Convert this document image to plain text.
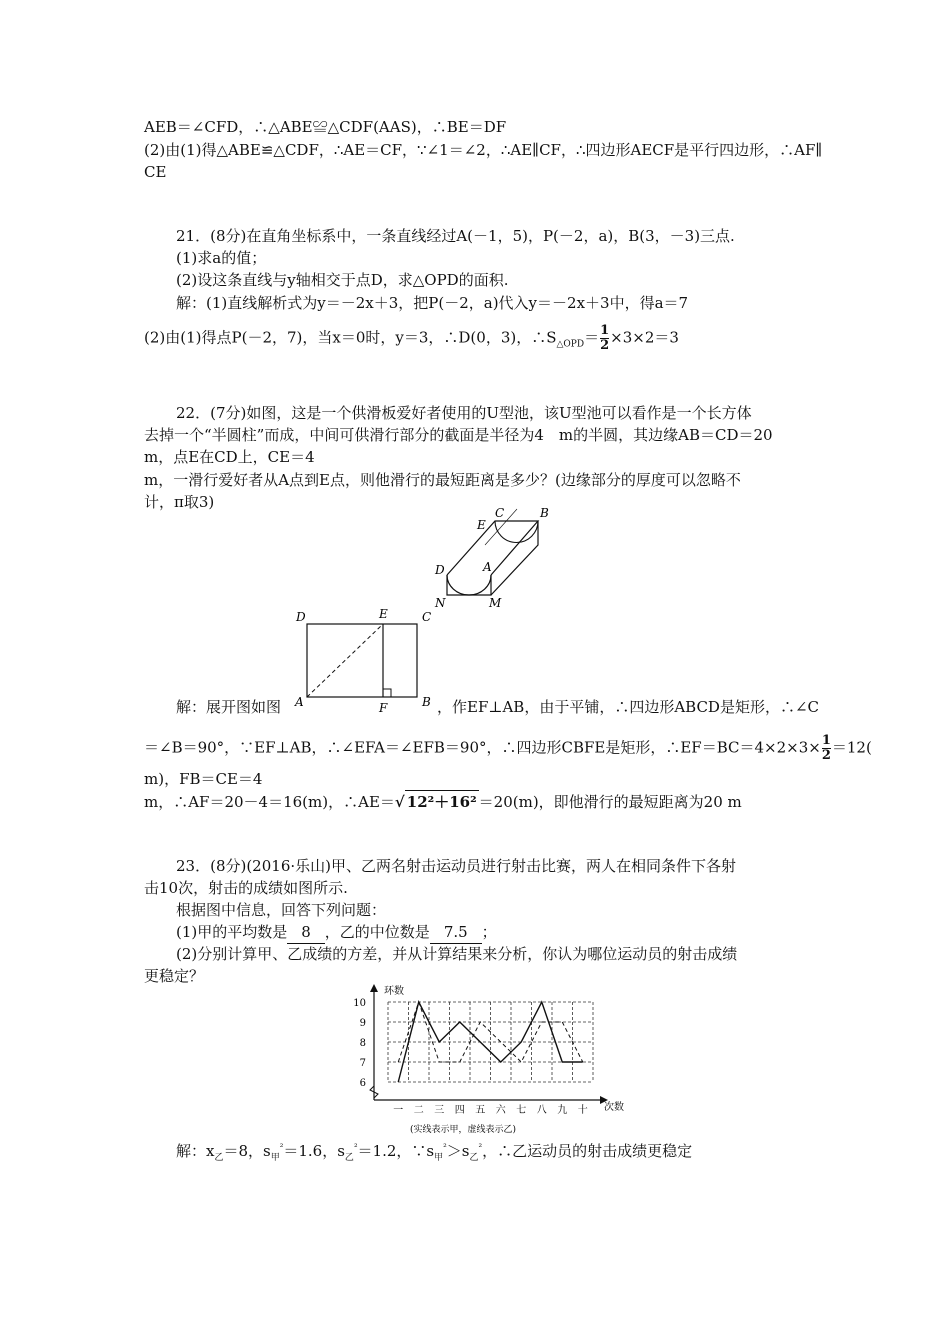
AEB＝∠CFD，∴△ABE≌△CDF(AAS)，∴BE＝DF
(2)由(1)得△ABE≌△CDF，∴AE＝CF，∵∠1＝∠2，∴AE∥CF，∴四边形AECF是平行四边形，∴AF∥
CE
21．(8分)在直角坐标系中，一条直线经过A(－1，5)，P(－2，a)，B(3，－3)三点.
(1)求a的值；
(2)设这条直线与y轴相交于点D，求△OPD的面积.
解：(1)直线解析式为y＝－2x＋3，把P(－2，a)代入y＝－2x＋3中，得a＝7
(2)由(1)得点P(－2，7)，当x＝0时，y＝3，∴D(0，3)，$\therefore S_{\triangle OPD}= \frac{1}{2} \times 3\times 2=3$
22．(7分)如图，这是一个供滑板爱好者使用的U型池，该U型池可以看作是一个长方体
去掉一个“半圆柱”而成，中间可供滑行部分的截面是半径为4　m的半圆，其边缘AB＝CD＝20
m，点E在CD上，CE＝4
m，一滑行爱好者从A点到E点，则他滑行的最短距离是多少？(边缘部分的厚度可以忽略不
计，π取3)
E
C	B
D	A
N	M
D	E	C
A	F	B
解：展开图如图	，作EF⊥AB，由于平铺，∴四边形ABCD是矩形，∴∠C
＝∠B＝90°，∵EF⊥AB，∴∠EFA＝∠EFB＝90°，∴四边形CBFE是矩形，∴EF＝BC＝4×2×3× $\frac{1}{2} =12$(
m)，FB＝CE＝4
m，∴AF＝20－4＝16(m)，∴AE＝√ 12²＋16² ＝20(m)，即他滑行的最短距离为20 m
23．(8分)(2016·乐山)甲、乙两名射击运动员进行射击比赛，两人在相同条件下各射
击10次，射击的成绩如图所示.
根据图中信息，回答下列问题：
(1)甲的平均数是 8 ，乙的中位数是 7.5 ；
(2)分别计算甲、乙成绩的方差，并从计算结果来分析，你认为哪位运动员的射击成绩
更稳定？
6
7
8
9
10
一 二 三 四 五 六 七 八 九 十
环数
次数
(实线表示甲，虚线表示乙)
解：$x_乙=8$，$s_甲^{^2}=1.6$，$s_乙^{^2}=1.2$，$\because s_甲^{^2}>s_乙^{^2}$，∴乙运动员的射击成绩更稳定
